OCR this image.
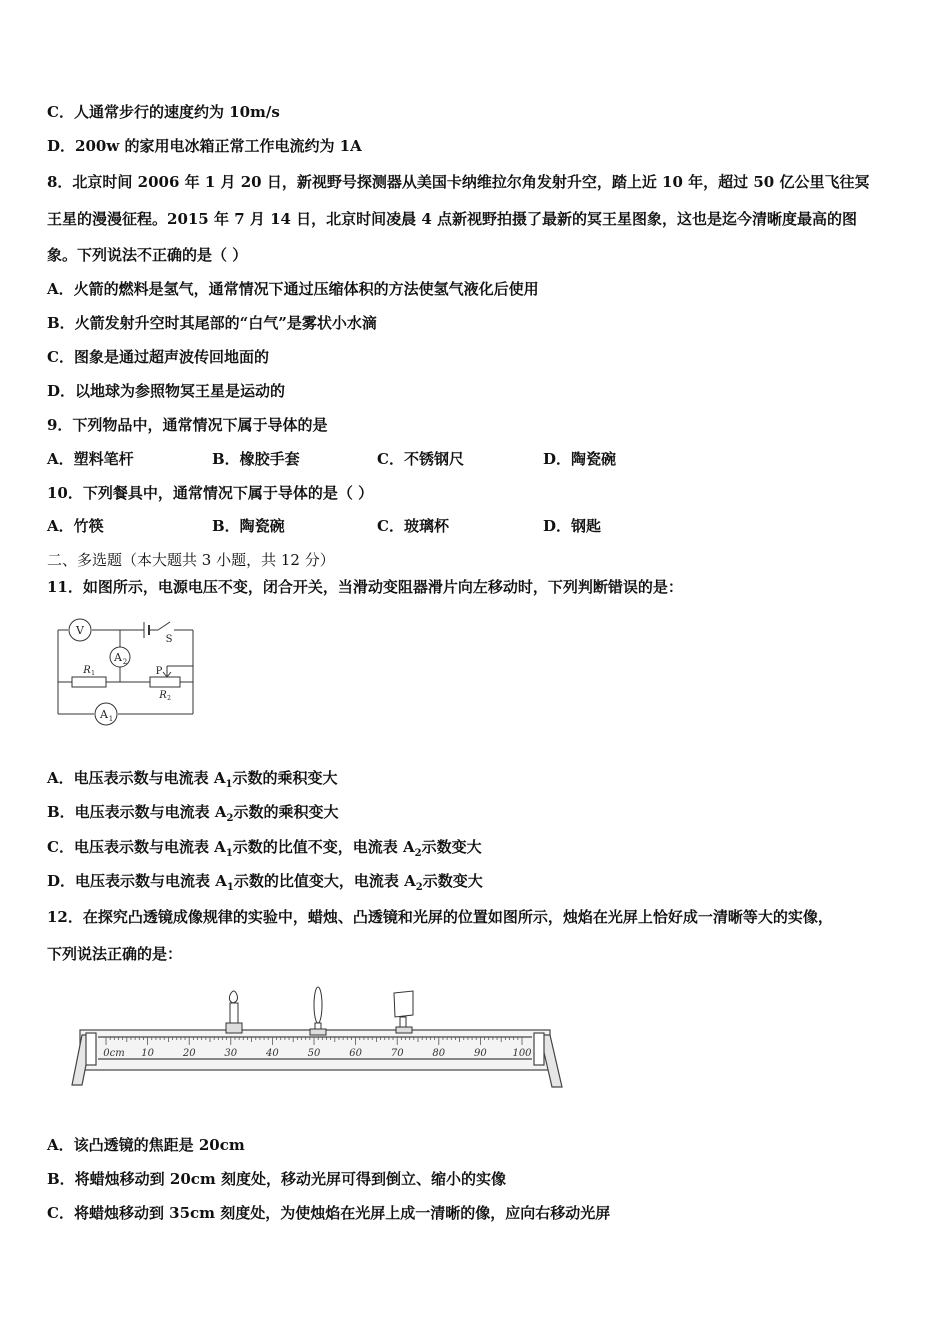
C．人通常步行的速度约为 10m/s
D．200w 的家用电冰箱正常工作电流约为 1A
8．北京时间 2006 年 1 月 20 日，新视野号探测器从美国卡纳维拉尔角发射升空，踏上近 10 年，超过 50 亿公里飞往冥
王星的漫漫征程。2015 年 7 月 14 日，北京时间凌晨 4 点新视野拍摄了最新的冥王星图象，这也是迄今清晰度最高的图
象。下列说法不正确的是（ ）
A．火箭的燃料是氢气，通常情况下通过压缩体积的方法使氢气液化后使用
B．火箭发射升空时其尾部的“白气”是雾状小水滴
C．图象是通过超声波传回地面的
D．以地球为参照物冥王星是运动的
9．下列物品中，通常情况下属于导体的是
A．塑料笔杆	B．橡胶手套	C．不锈钢尺	D．陶瓷碗
10．下列餐具中，通常情况下属于导体的是（ ）
A．竹筷	B．陶瓷碗	C．玻璃杯	D．钢匙
二、多选题（本大题共 3 小题，共 12 分）
11．如图所示，电源电压不变，闭合开关，当滑动变阻器滑片向左移动时，下列判断错误的是：
V
A 2
A 1
S
R 1
R 2
P
A．电压表示数与电流表 $A_1$示数的乘积变大
B．电压表示数与电流表 $A_2$示数的乘积变大
C．电压表示数与电流表 $A_1$示数的比值不变，电流表 $A_2$示数变大
D．电压表示数与电流表 $A_1$示数的比值变大，电流表 $A_2$示数变大
12．在探究凸透镜成像规律的实验中，蜡烛、凸透镜和光屏的位置如图所示，烛焰在光屏上恰好成一清晰等大的实像，
下列说法正确的是：
0cm 10	20	30	40	50	60	70	80	90	100
A．该凸透镜的焦距是 20cm
B．将蜡烛移动到 20cm 刻度处，移动光屏可得到倒立、缩小的实像
C．将蜡烛移动到 35cm 刻度处，为使烛焰在光屏上成一清晰的像，应向右移动光屏
